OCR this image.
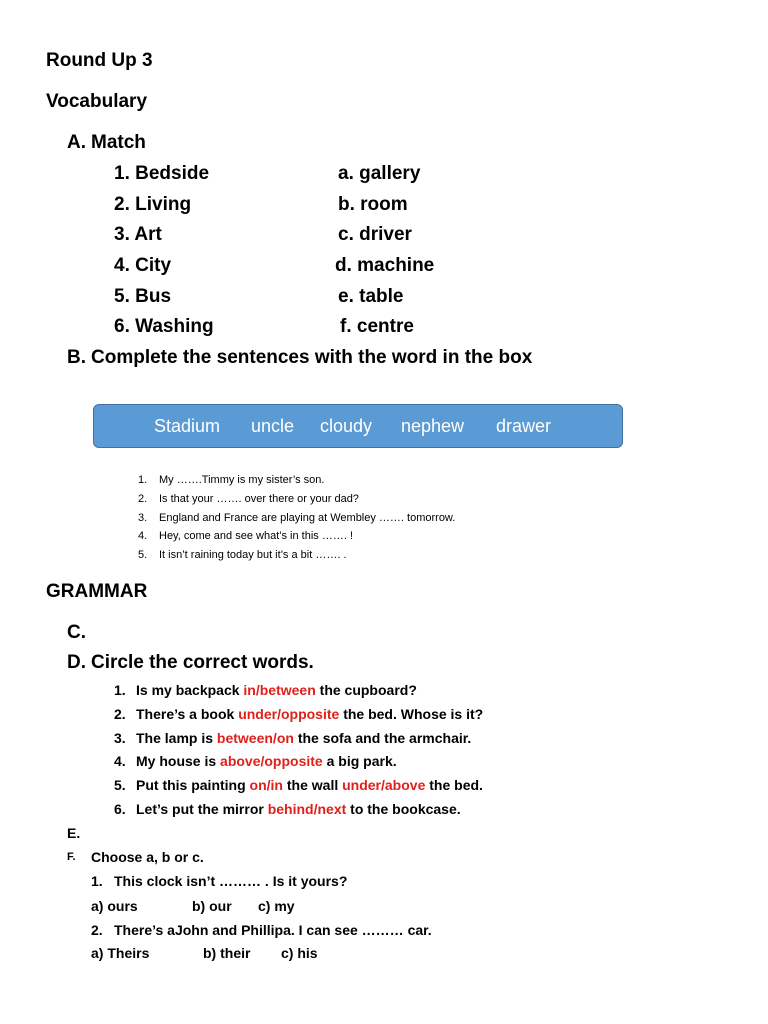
Round Up 3
Vocabulary
A. Match
1. Bedside
2. Living
3. Art
4. City
5. Bus
6. Washing
a. gallery
b. room
c. driver
d. machine
e. table
f. centre
B. Complete the sentences with the word in the box
Stadium uncle cloudy nephew drawer
1. My …….Timmy is my sister’s son.
2. Is that your ……. over there or your dad?
3. England and France are playing at Wembley ……. tomorrow.
4. Hey, come and see what’s in this ……. !
5. It isn’t raining today but it’s a bit ……. .
GRAMMAR
C.
D. Circle the correct words.
1. Is my backpack in/between the cupboard?
2. There’s a book under/opposite the bed. Whose is it?
3. The lamp is between/on the sofa and the armchair.
4. My house is above/opposite a big park.
5. Put this painting on/in the wall under/above the bed.
6. Let’s put the mirror behind/next to the bookcase.
E.
F. Choose a, b or c.
1. This clock isn’t ……… . Is it yours?
a) ours	b) our c) my
2. There’s aJohn and Phillipa. I can see ……… car.
a) Theirs	b) their c) his
